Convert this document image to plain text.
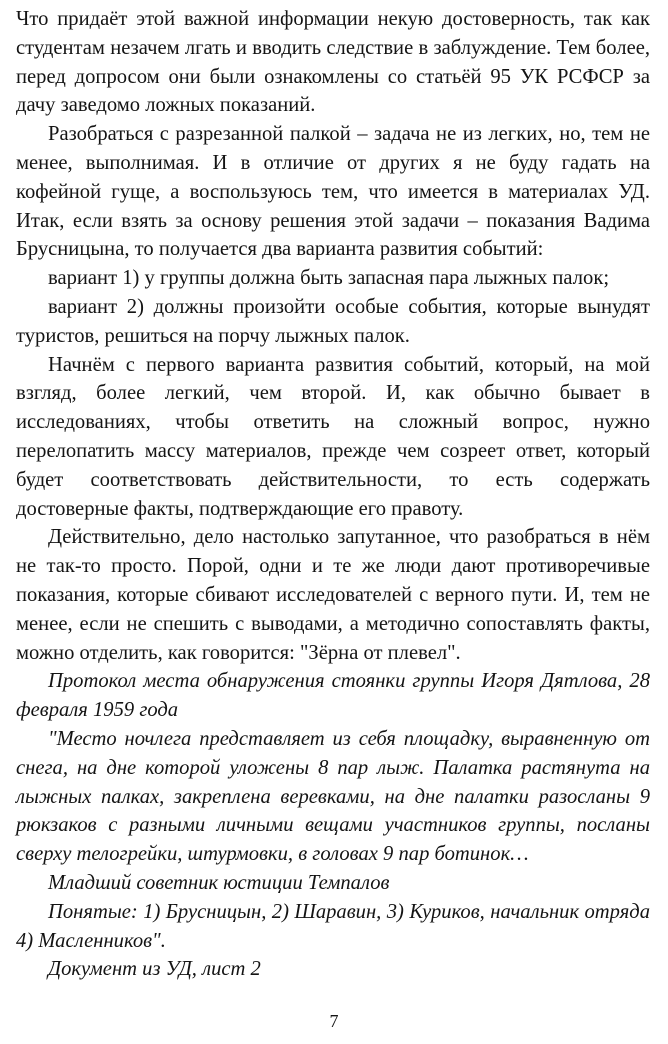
Что придаёт этой важной информации некую достоверность, так как студентам незачем лгать и вводить следствие в заблуждение. Тем более, перед допросом они были ознакомлены со статьёй 95 УК РСФСР за дачу заведомо ложных показаний.

Разобраться с разрезанной палкой – задача не из легких, но, тем не менее, выполнимая. И в отличие от других я не буду гадать на кофейной гуще, а воспользуюсь тем, что имеется в материалах УД. Итак, если взять за основу решения этой задачи – показания Вадима Брусницына, то получается два варианта развития событий:

вариант 1) у группы должна быть запасная пара лыжных палок;

вариант 2) должны произойти особые события, которые вынудят туристов, решиться на порчу лыжных палок.

Начнём с первого варианта развития событий, который, на мой взгляд, более легкий, чем второй. И, как обычно бывает в исследованиях, чтобы ответить на сложный вопрос, нужно перелопатить массу материалов, прежде чем созреет ответ, который будет соответствовать действительности, то есть содержать достоверные факты, подтверждающие его правоту.

Действительно, дело настолько запутанное, что разобраться в нём не так-то просто. Порой, одни и те же люди дают противоречивые показания, которые сбивают исследователей с верного пути. И, тем не менее, если не спешить с выводами, а методично сопоставлять факты, можно отделить, как говорится: "Зёрна от плевел".

Протокол места обнаружения стоянки группы Игоря Дятлова, 28 февраля 1959 года

"Место ночлега представляет из себя площадку, выравненную от снега, на дне которой уложены 8 пар лыж. Палатка растянута на лыжных палках, закреплена веревками, на дне палатки разосланы 9 рюкзаков с разными личными вещами участников группы, посланы сверху телогрейки, штурмовки, в головах 9 пар ботинок…

Младший советник юстиции Темпалов

Понятые: 1) Брусницын, 2) Шаравин, 3) Куриков, начальник отряда 4) Масленников".

Документ из УД, лист 2

7
